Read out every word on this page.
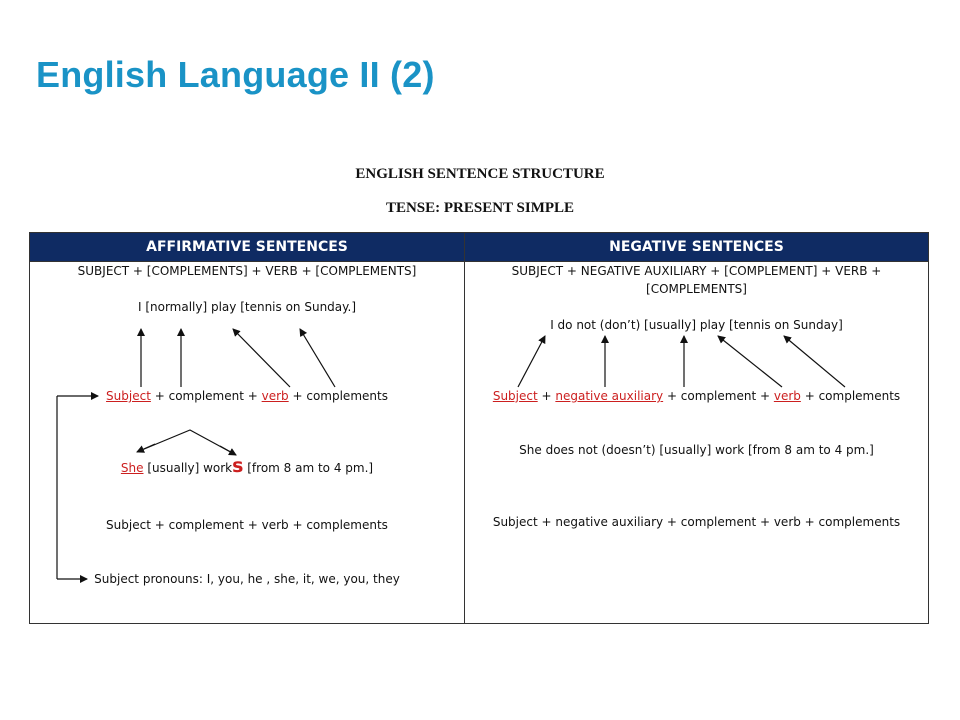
English Language II (2)
ENGLISH SENTENCE STRUCTURE
TENSE: PRESENT SIMPLE
AFFIRMATIVE SENTENCES	NEGATIVE SENTENCES
SUBJECT + [COMPLEMENTS] + VERB + [COMPLEMENTS]
I [normally] play [tennis on Sunday.]
Subject + complement + verb + complements
She [usually] works [from 8 am to 4 pm.]
Subject + complement + verb + complements
Subject pronouns: I, you, he , she, it, we, you, they
SUBJECT + NEGATIVE AUXILIARY + [COMPLEMENT] + VERB +
[COMPLEMENTS]
I do not (don’t) [usually] play [tennis on Sunday]
Subject + negative auxiliary + complement + verb + complements
She does not (doesn’t) [usually] work [from 8 am to 4 pm.]
Subject + negative auxiliary + complement + verb + complements
